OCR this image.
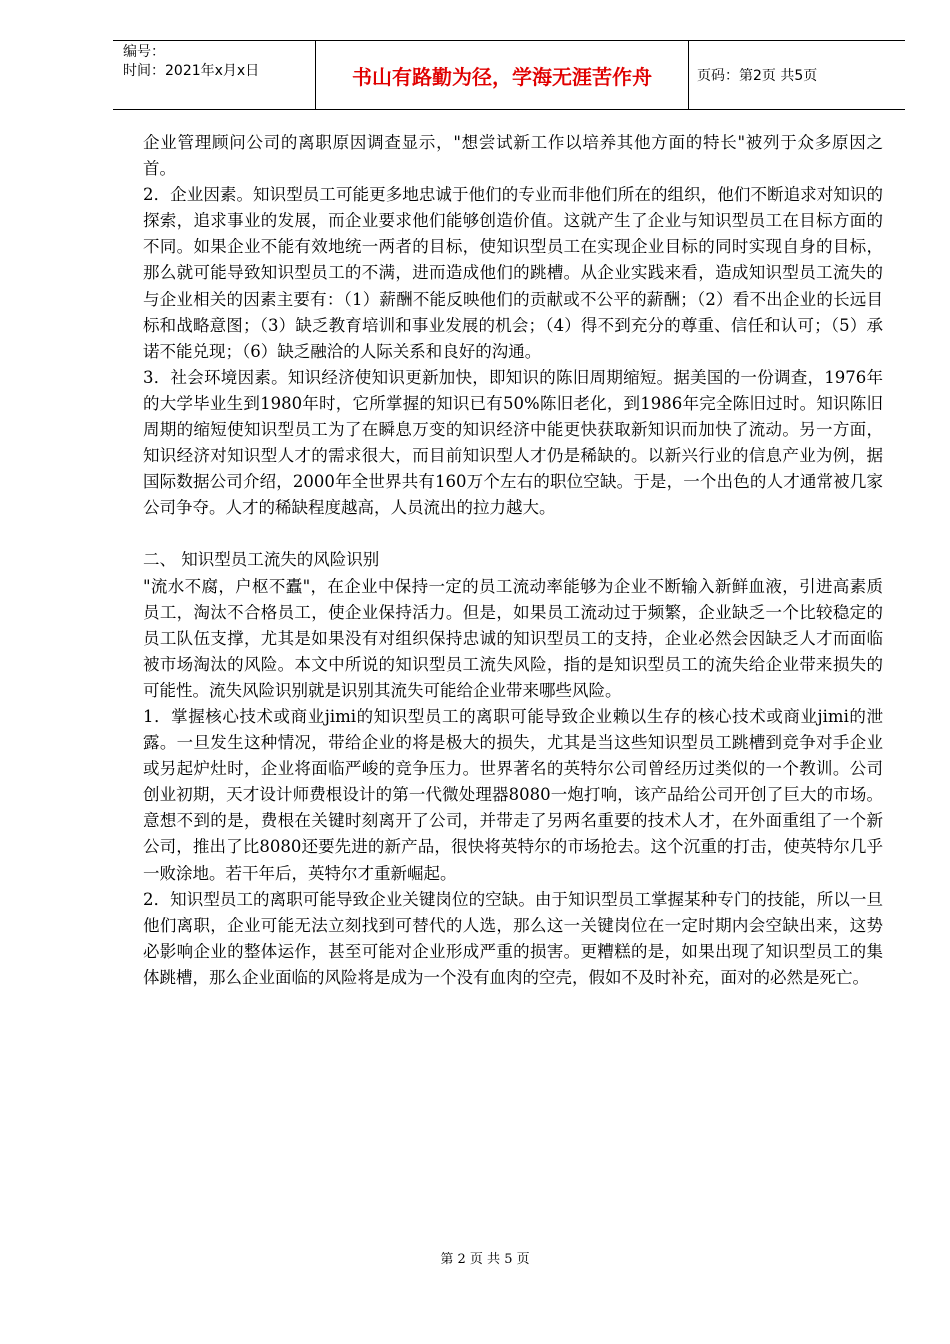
编号：
时间：2021年x月x日	书山有路勤为径，学海无涯苦作舟	页码：第2页 共5页

企业管理顾问公司的离职原因调查显示，"想尝试新工作以培养其他方面的特长"被列于众多原因之首。

2．企业因素。知识型员工可能更多地忠诚于他们的专业而非他们所在的组织，他们不断追求对知识的探索，追求事业的发展，而企业要求他们能够创造价值。这就产生了企业与知识型员工在目标方面的不同。如果企业不能有效地统一两者的目标，使知识型员工在实现企业目标的同时实现自身的目标，那么就可能导致知识型员工的不满，进而造成他们的跳槽。从企业实践来看，造成知识型员工流失的与企业相关的因素主要有：（1）薪酬不能反映他们的贡献或不公平的薪酬；（2）看不出企业的长远目标和战略意图；（3）缺乏教育培训和事业发展的机会；（4）得不到充分的尊重、信任和认可；（5）承诺不能兑现；（6）缺乏融洽的人际关系和良好的沟通。

3．社会环境因素。知识经济使知识更新加快，即知识的陈旧周期缩短。据美国的一份调查，1976年的大学毕业生到1980年时，它所掌握的知识已有50%陈旧老化，到1986年完全陈旧过时。知识陈旧周期的缩短使知识型员工为了在瞬息万变的知识经济中能更快获取新知识而加快了流动。另一方面，知识经济对知识型人才的需求很大，而目前知识型人才仍是稀缺的。以新兴行业的信息产业为例，据国际数据公司介绍，2000年全世界共有160万个左右的职位空缺。于是，一个出色的人才通常被几家公司争夺。人才的稀缺程度越高，人员流出的拉力越大。

二、 知识型员工流失的风险识别

"流水不腐，户枢不蠹"，在企业中保持一定的员工流动率能够为企业不断输入新鲜血液，引进高素质员工，淘汰不合格员工，使企业保持活力。但是，如果员工流动过于频繁，企业缺乏一个比较稳定的员工队伍支撑，尤其是如果没有对组织保持忠诚的知识型员工的支持，企业必然会因缺乏人才而面临被市场淘汰的风险。本文中所说的知识型员工流失风险，指的是知识型员工的流失给企业带来损失的可能性。流失风险识别就是识别其流失可能给企业带来哪些风险。

1．掌握核心技术或商业jimi的知识型员工的离职可能导致企业赖以生存的核心技术或商业jimi的泄露。一旦发生这种情况，带给企业的将是极大的损失，尤其是当这些知识型员工跳槽到竞争对手企业或另起炉灶时，企业将面临严峻的竞争压力。世界著名的英特尔公司曾经历过类似的一个教训。公司创业初期，天才设计师费根设计的第一代微处理器8080一炮打响，该产品给公司开创了巨大的市场。意想不到的是，费根在关键时刻离开了公司，并带走了另两名重要的技术人才，在外面重组了一个新公司，推出了比8080还要先进的新产品，很快将英特尔的市场抢去。这个沉重的打击，使英特尔几乎一败涂地。若干年后，英特尔才重新崛起。

2．知识型员工的离职可能导致企业关键岗位的空缺。由于知识型员工掌握某种专门的技能，所以一旦他们离职，企业可能无法立刻找到可替代的人选，那么这一关键岗位在一定时期内会空缺出来，这势必影响企业的整体运作，甚至可能对企业形成严重的损害。更糟糕的是，如果出现了知识型员工的集体跳槽，那么企业面临的风险将是成为一个没有血肉的空壳，假如不及时补充，面对的必然是死亡。

第 2 页 共 5 页
